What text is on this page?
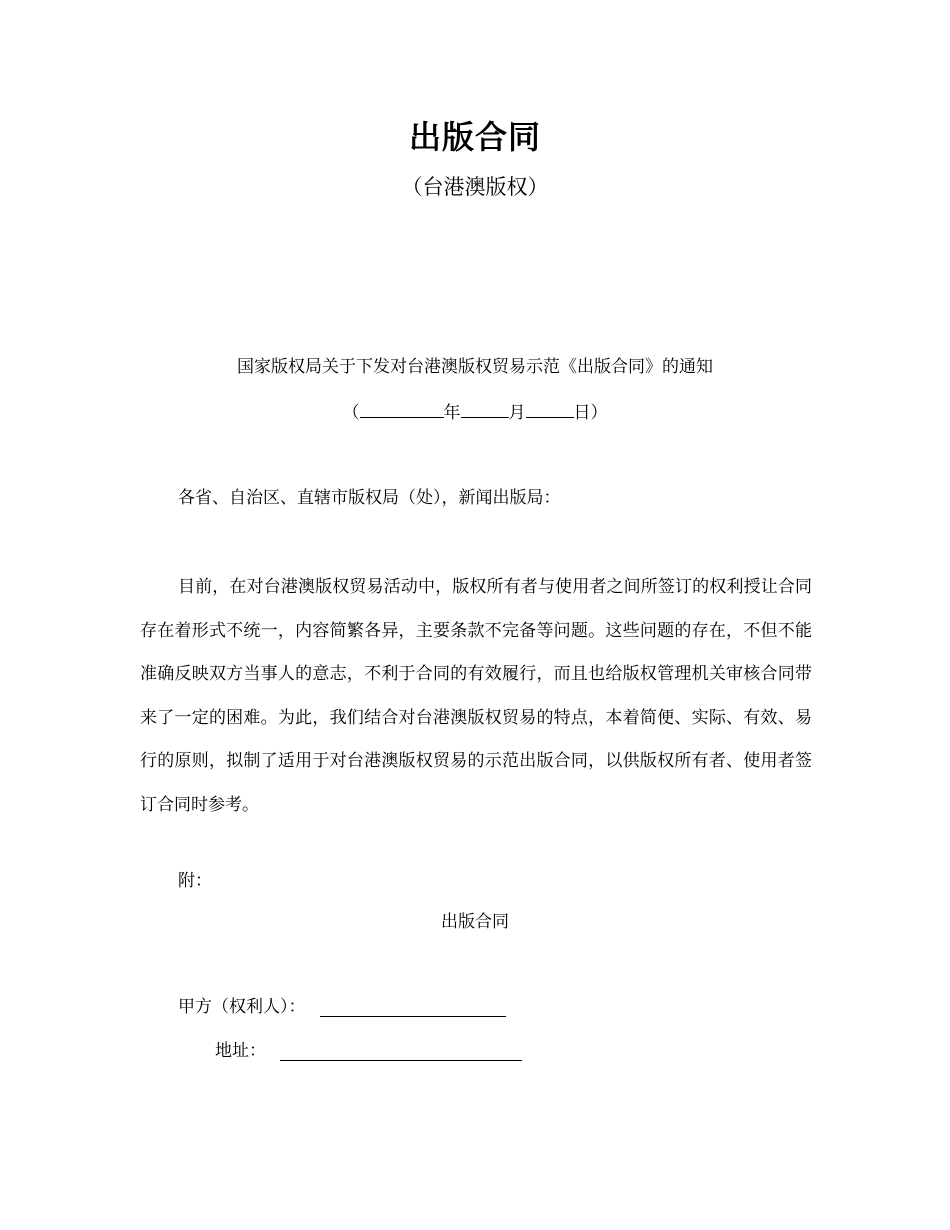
出版合同
（台港澳版权）
国家版权局关于下发对台港澳版权贸易示范《出版合同》的通知
（	年	月	日）
各省、自治区、直辖市版权局（处），新闻出版局：
目前，在对台港澳版权贸易活动中，版权所有者与使用者之间所签订的权利授让合同存在着形式不统一，内容简繁各异，主要条款不完备等问题。这些问题的存在，不但不能准确反映双方当事人的意志，不利于合同的有效履行，而且也给版权管理机关审核合同带来了一定的困难。为此，我们结合对台港澳版权贸易的特点，本着简便、实际、有效、易行的原则，拟制了适用于对台港澳版权贸易的示范出版合同，以供版权所有者、使用者签订合同时参考。
附：
出版合同
甲方（权利人）：
地址：
